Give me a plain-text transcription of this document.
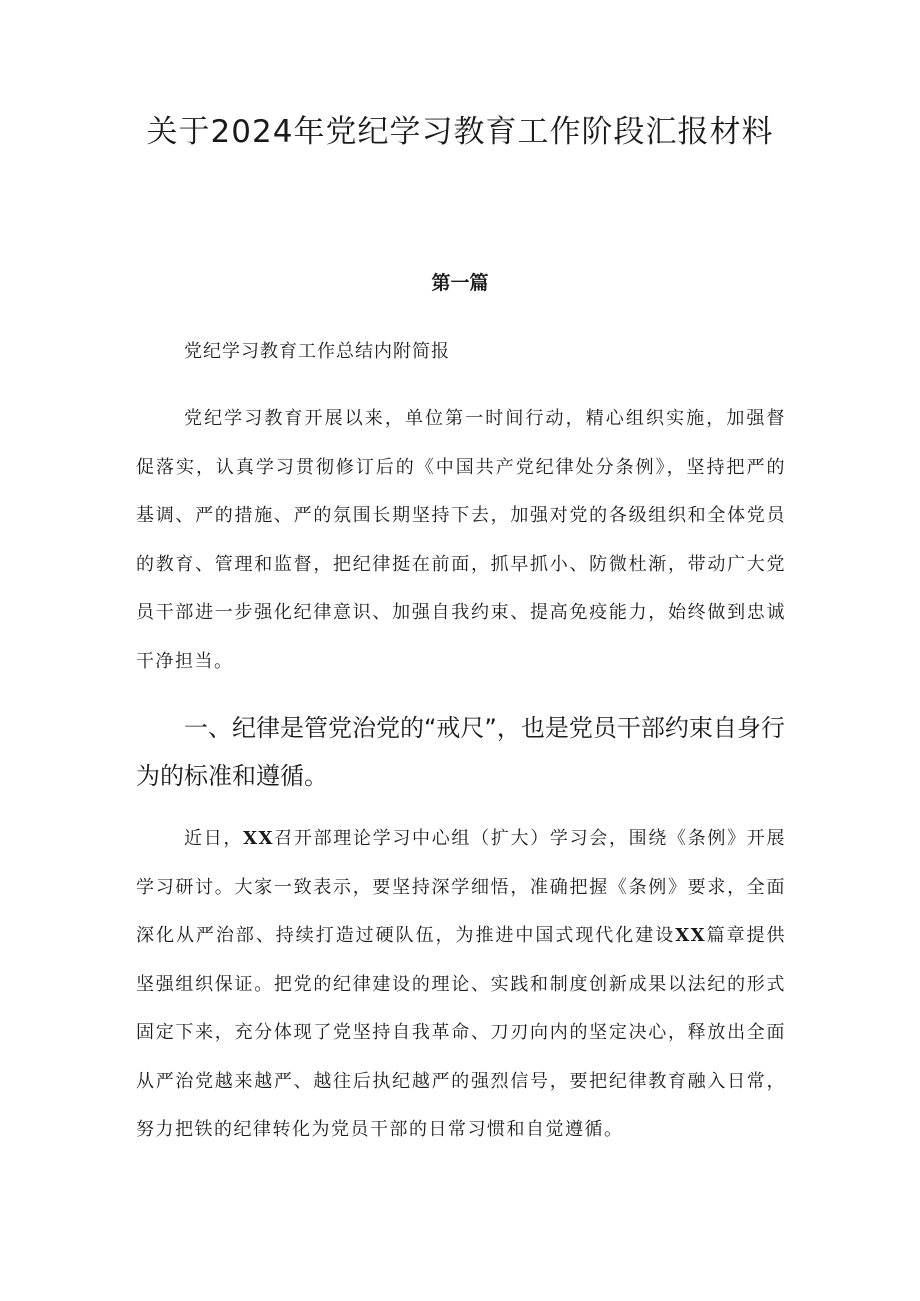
关于2024年党纪学习教育工作阶段汇报材料
第一篇
党纪学习教育工作总结内附简报

党纪学习教育开展以来，单位第一时间行动，精心组织实施，加强督促落实，认真学习贯彻修订后的《中国共产党纪律处分条例》，坚持把严的基调、严的措施、严的氛围长期坚持下去，加强对党的各级组织和全体党员的教育、管理和监督，把纪律挺在前面，抓早抓小、防微杜渐，带动广大党员干部进一步强化纪律意识、加强自我约束、提高免疫能力，始终做到忠诚干净担当。

一、纪律是管党治党的“戒尺”，也是党员干部约束自身行为的标准和遵循。

近日，XX召开部理论学习中心组（扩大）学习会，围绕《条例》开展学习研讨。大家一致表示，要坚持深学细悟，准确把握《条例》要求，全面深化从严治部、持续打造过硬队伍，为推进中国式现代化建设XX篇章提供坚强组织保证。把党的纪律建设的理论、实践和制度创新成果以法纪的形式固定下来，充分体现了党坚持自我革命、刀刃向内的坚定决心，释放出全面从严治党越来越严、越往后执纪越严的强烈信号，要把纪律教育融入日常，努力把铁的纪律转化为党员干部的日常习惯和自觉遵循。
